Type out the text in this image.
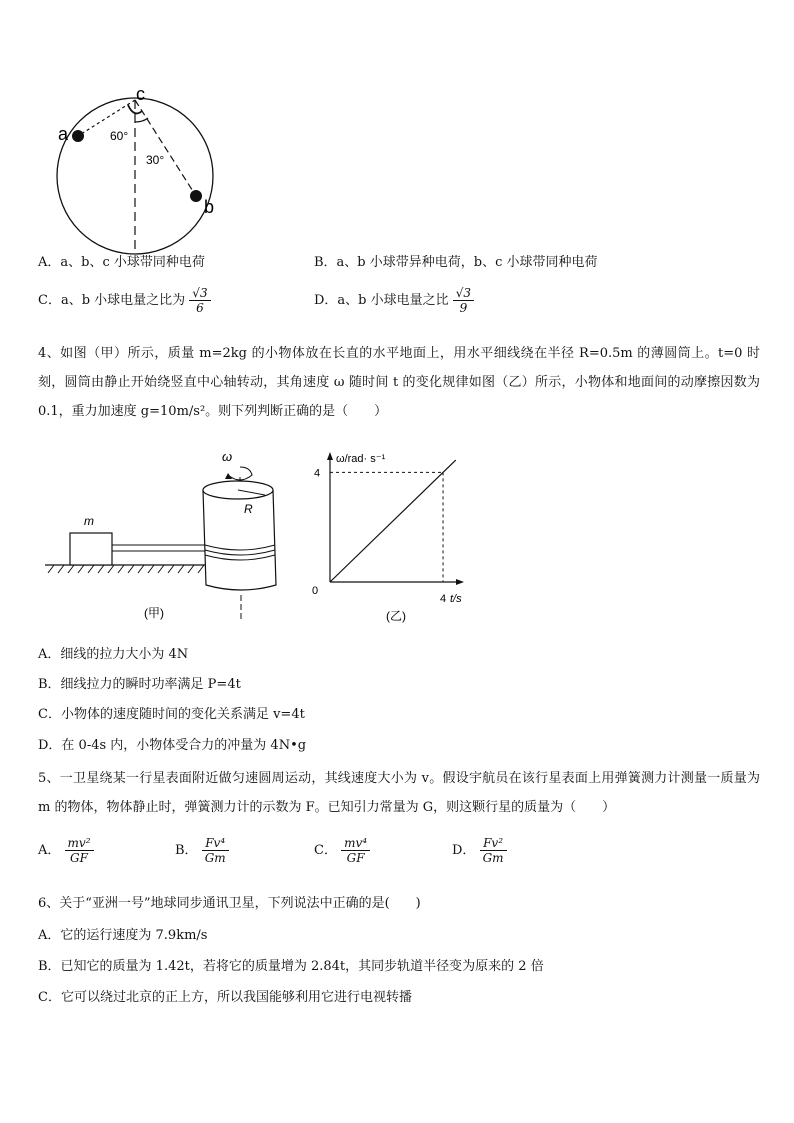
a
b
c
60°
30°
A．a、b、c 小球带同种电荷	B．a、b 小球带异种电荷，b、c 小球带同种电荷
C．a、b 小球电量之比为 $\frac{√3}{6}$	D．a、b 小球电量之比 $\frac{√3}{9}$
4、如图（甲）所示，质量 m=2kg 的小物体放在长直的水平地面上，用水平细线绕在半径 R=0.5m 的薄圆筒上。t=0 时刻，圆筒由静止开始绕竖直中心轴转动，其角速度 ω 随时间 t 的变化规律如图（乙）所示，小物体和地面间的动摩擦因数为 0.1，重力加速度 g=10m/s²。则下列判断正确的是（　　）
m
R
ω
(甲)
ω/rad· s⁻¹
t/s
0
4
4
(乙)
A．细线的拉力大小为 4N
B．细线拉力的瞬时功率满足 P=4t
C．小物体的速度随时间的变化关系满足 v=4t
D．在 0-4s 内，小物体受合力的冲量为 4N•g
5、一卫星绕某一行星表面附近做匀速圆周运动，其线速度大小为 v。假设宇航员在该行星表面上用弹簧测力计测量一质量为 m 的物体，物体静止时，弹簧测力计的示数为 F。已知引力常量为 G，则这颗行星的质量为（　　）
A． $\frac{\text{mv²}}{GF}$	B． $\frac{\text{Fv⁴}}{Gm}$	C． $\frac{\text{mv⁴}}{GF}$	D． $\frac{\text{Fv²}}{Gm}$
6、关于“亚洲一号”地球同步通讯卫星，下列说法中正确的是(　　)
A．它的运行速度为 7.9km/s
B．已知它的质量为 1.42t，若将它的质量增为 2.84t，其同步轨道半径变为原来的 2 倍
C．它可以绕过北京的正上方，所以我国能够利用它进行电视转播
